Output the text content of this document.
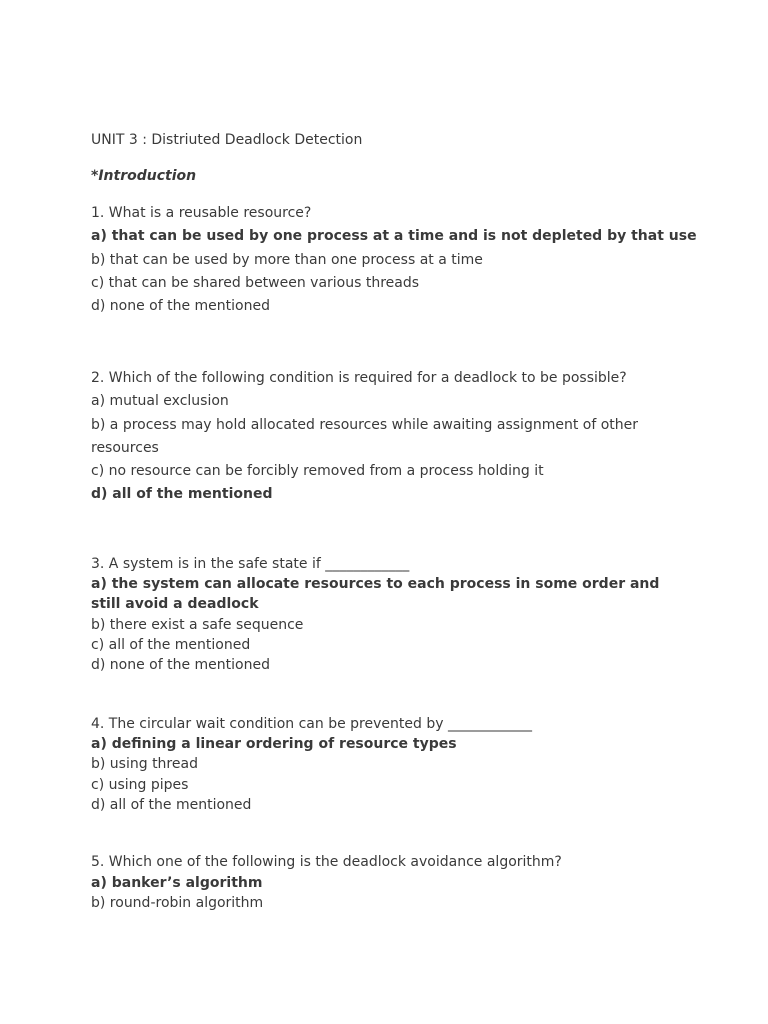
UNIT 3 : Distriuted Deadlock Detection
*Introduction
1. What is a reusable resource?
a) that can be used by one process at a time and is not depleted by that use
b) that can be used by more than one process at a time
c) that can be shared between various threads
d) none of the mentioned
2. Which of the following condition is required for a deadlock to be possible?
a) mutual exclusion
b) a process may hold allocated resources while awaiting assignment of other resources
c) no resource can be forcibly removed from a process holding it
d) all of the mentioned
3. A system is in the safe state if ____________
a) the system can allocate resources to each process in some order and still avoid a deadlock
b) there exist a safe sequence
c) all of the mentioned
d) none of the mentioned
4. The circular wait condition can be prevented by ____________
a) defining a linear ordering of resource types
b) using thread
c) using pipes
d) all of the mentioned
5. Which one of the following is the deadlock avoidance algorithm?
a) banker’s algorithm
b) round-robin algorithm
